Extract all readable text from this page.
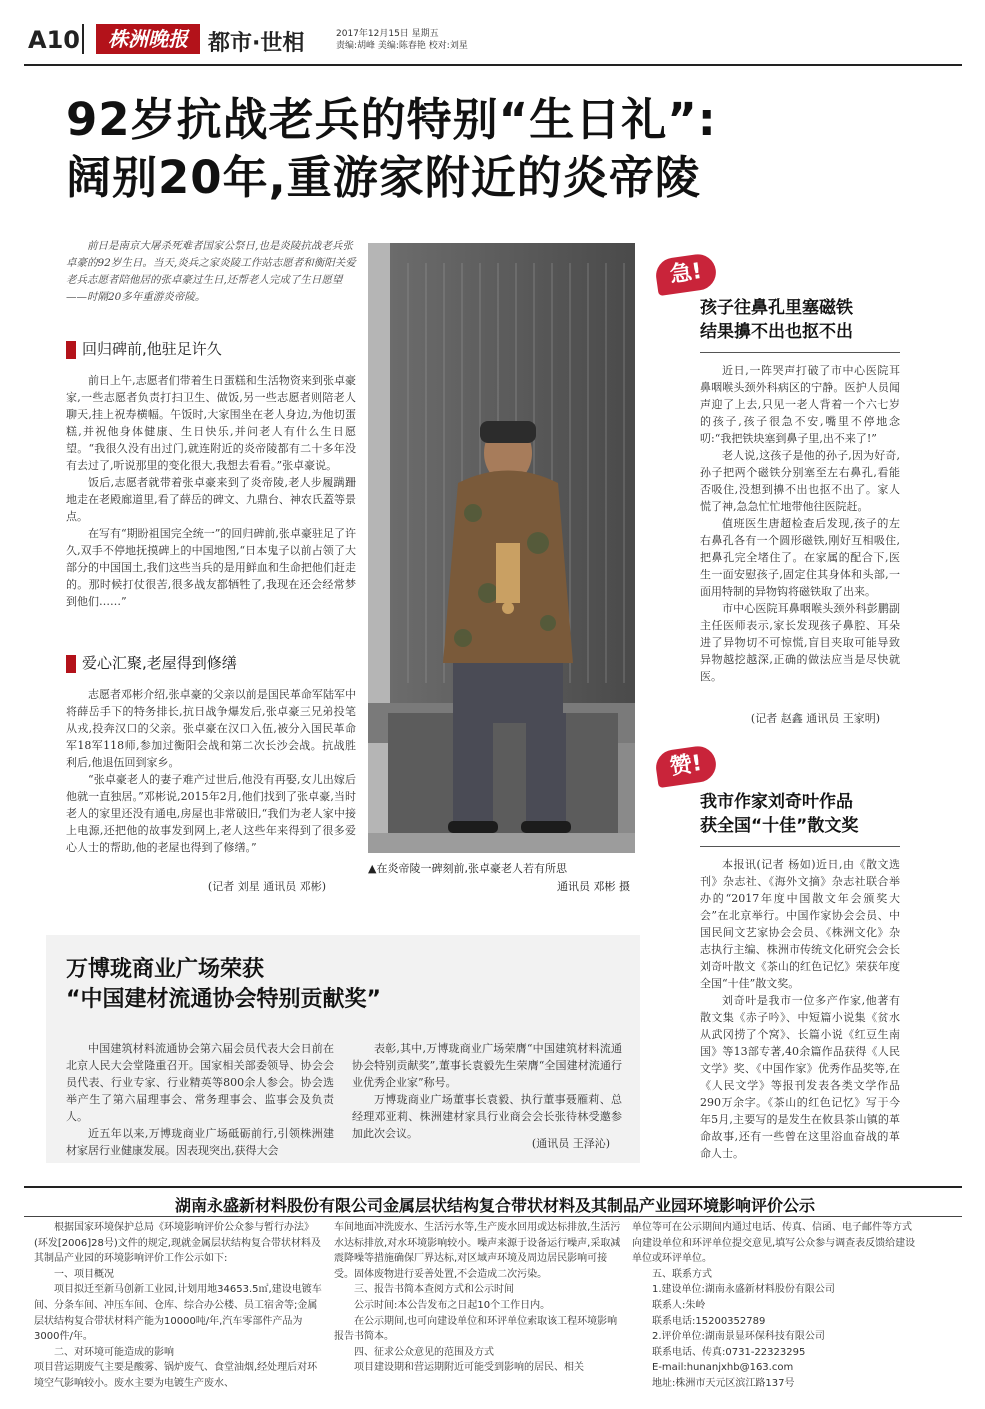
A10	株洲晚报 都市·世相	2017年12月15日 星期五
责编:胡峰 美编:陈春艳 校对:刘星
92岁抗战老兵的特别“生日礼”:
阔别20年,重游家附近的炎帝陵

前日是南京大屠杀死难者国家公祭日,也是炎陵抗战老兵张卓豪的92岁生日。当天,炎兵之家炎陵工作站志愿者和衡阳关爱老兵志愿者陪他居的张卓豪过生日,还帮老人完成了生日愿望——时隔20多年重游炎帝陵。

回归碑前,他驻足许久

前日上午,志愿者们带着生日蛋糕和生活物资来到张卓豪家,一些志愿者负责打扫卫生、做饭,另一些志愿者则陪老人聊天,挂上祝寿横幅。午饭时,大家围坐在老人身边,为他切蛋糕,并祝他身体健康、生日快乐,并问老人有什么生日愿望。“我很久没有出过门,就连附近的炎帝陵都有二十多年没有去过了,听说那里的变化很大,我想去看看。”张卓豪说。

饭后,志愿者就带着张卓豪来到了炎帝陵,老人步履蹒跚地走在老殿廊道里,看了薛岳的碑文、九鼎台、神农氏蓋等景点。

在写有“期盼祖国完全统一”的回归碑前,张卓豪驻足了许久,双手不停地抚摸碑上的中国地图,“日本鬼子以前占领了大部分的中国国土,我们这些当兵的是用鲜血和生命把他们赶走的。那时候打仗很苦,很多战友都牺牲了,我现在还会经常梦到他们……”

爱心汇聚,老屋得到修缮

志愿者邓彬介绍,张卓豪的父亲以前是国民革命军陆军中将薛岳手下的特务排长,抗日战争爆发后,张卓豪三兄弟投笔从戎,投奔汉口的父亲。张卓豪在汉口入伍,被分入国民革命军18军118师,参加过衡阳会战和第二次长沙会战。抗战胜利后,他退伍回到家乡。

“张卓豪老人的妻子难产过世后,他没有再娶,女儿出嫁后他就一直独居。”邓彬说,2015年2月,他们找到了张卓豪,当时老人的家里还没有通电,房屋也非常破旧,“我们为老人家中接上电源,还把他的故事发到网上,老人这些年来得到了很多爱心人士的帮助,他的老屋也得到了修缮。”

(记者 刘星 通讯员 邓彬)
▲在炎帝陵一碑刻前,张卓豪老人若有所思
通讯员 邓彬 摄
急!
孩子往鼻孔里塞磁铁
结果擤不出也抠不出

近日,一阵哭声打破了市中心医院耳鼻咽喉头颈外科病区的宁静。医护人员闻声迎了上去,只见一老人背着一个六七岁的孩子,孩子很急不安,嘴里不停地念叨:“我把铁块塞到鼻子里,出不来了!”

老人说,这孩子是他的孙子,因为好奇,孙子把两个磁铁分别塞至左右鼻孔,看能否吸住,没想到擤不出也抠不出了。家人慌了神,急急忙忙地带他往医院赶。

值班医生唐超检查后发现,孩子的左右鼻孔各有一个圆形磁铁,刚好互相吸住,把鼻孔完全堵住了。在家属的配合下,医生一面安慰孩子,固定住其身体和头部,一面用特制的异物钩将磁铁取了出来。

市中心医院耳鼻咽喉头颈外科彭鹏副主任医师表示,家长发现孩子鼻腔、耳朵进了异物切不可惊慌,盲目夹取可能导致异物越挖越深,正确的做法应当是尽快就医。

(记者 赵鑫 通讯员 王家明)
赞!
我市作家刘奇叶作品
获全国“十佳”散文奖

本报讯(记者 杨如)近日,由《散文选刊》杂志社、《海外文摘》杂志社联合举办的“2017年度中国散文年会颁奖大会”在北京举行。中国作家协会会员、中国民间文艺家协会会员、《株洲文化》杂志执行主编、株洲市传统文化研究会会长刘奇叶散文《茶山的红色记忆》荣获年度全国“十佳”散文奖。

刘奇叶是我市一位多产作家,他著有散文集《赤子吟》、中短篇小说集《贫水从武冈捞了个窝》、长篇小说《红豆生南国》等13部专著,40余篇作品获得《人民文学》奖、《中国作家》优秀作品奖等,在《人民文学》等报刊发表各类文学作品290万余字。《茶山的红色记忆》写于今年5月,主要写的是发生在攸县茶山镇的革命故事,还有一些曾在这里浴血奋战的革命人士。

万博珑商业广场荣获
“中国建材流通协会特别贡献奖”

中国建筑材料流通协会第六届会员代表大会日前在北京人民大会堂隆重召开。国家相关部委领导、协会会员代表、行业专家、行业精英等800余人参会。协会选举产生了第六届理事会、常务理事会、监事会及负责人。

近五年以来,万博珑商业广场砥砺前行,引领株洲建材家居行业健康发展。因表现突出,获得大会

表彰,其中,万博珑商业广场荣膺“中国建筑材料流通协会特别贡献奖”,董事长袁毅先生荣膺“全国建材流通行业优秀企业家”称号。

万博珑商业广场董事长袁毅、执行董事聂雁莉、总经理邓亚莉、株洲建材家具行业商会会长张待林受邀参加此次会议。

(通讯员 王泽沁)
湖南永盛新材料股份有限公司金属层状结构复合带状材料及其制品产业园环境影响评价公示

根据国家环境保护总局《环境影响评价公众参与暂行办法》(环发[2006]28号)文件的规定,现就金属层状结构复合带状材料及其制品产业园的环境影响评价工作公示如下:

一、项目概况

项目拟迁至新马创新工业园,计划用地34653.5㎡,建设电镀车间、分条车间、冲压车间、仓库、综合办公楼、员工宿舍等;金属层状结构复合带状材料产能为10000吨/年,汽车零部件产品为3000件/年。

二、对环境可能造成的影响

项目营运期废气主要是酸雾、锅炉废气、食堂油烟,经处理后对环境空气影响较小。废水主要为电镀生产废水、

车间地面冲洗废水、生活污水等,生产废水回用或达标排放,生活污水达标排放,对水环境影响较小。噪声来源于设备运行噪声,采取减震降噪等措施确保厂界达标,对区域声环境及周边居民影响可接受。固体废物进行妥善处置,不会造成二次污染。

三、报告书简本查阅方式和公示时间

公示时间:本公告发布之日起10个工作日内。

在公示期间,也可向建设单位和环评单位索取该工程环境影响报告书简本。

四、征求公众意见的范围及方式

项目建设期和营运期附近可能受到影响的居民、相关

单位等可在公示期间内通过电话、传真、信函、电子邮件等方式向建设单位和环评单位提交意见,填写公众参与调查表反馈给建设单位或环评单位。

五、联系方式

1.建设单位:湖南永盛新材料股份有限公司

联系人:朱岭

联系电话:15200352789

2.评价单位:湖南景显环保科技有限公司

联系电话、传真:0731-22323295

E-mail:hunanjxhb@163.com

地址:株洲市天元区滨江路137号
